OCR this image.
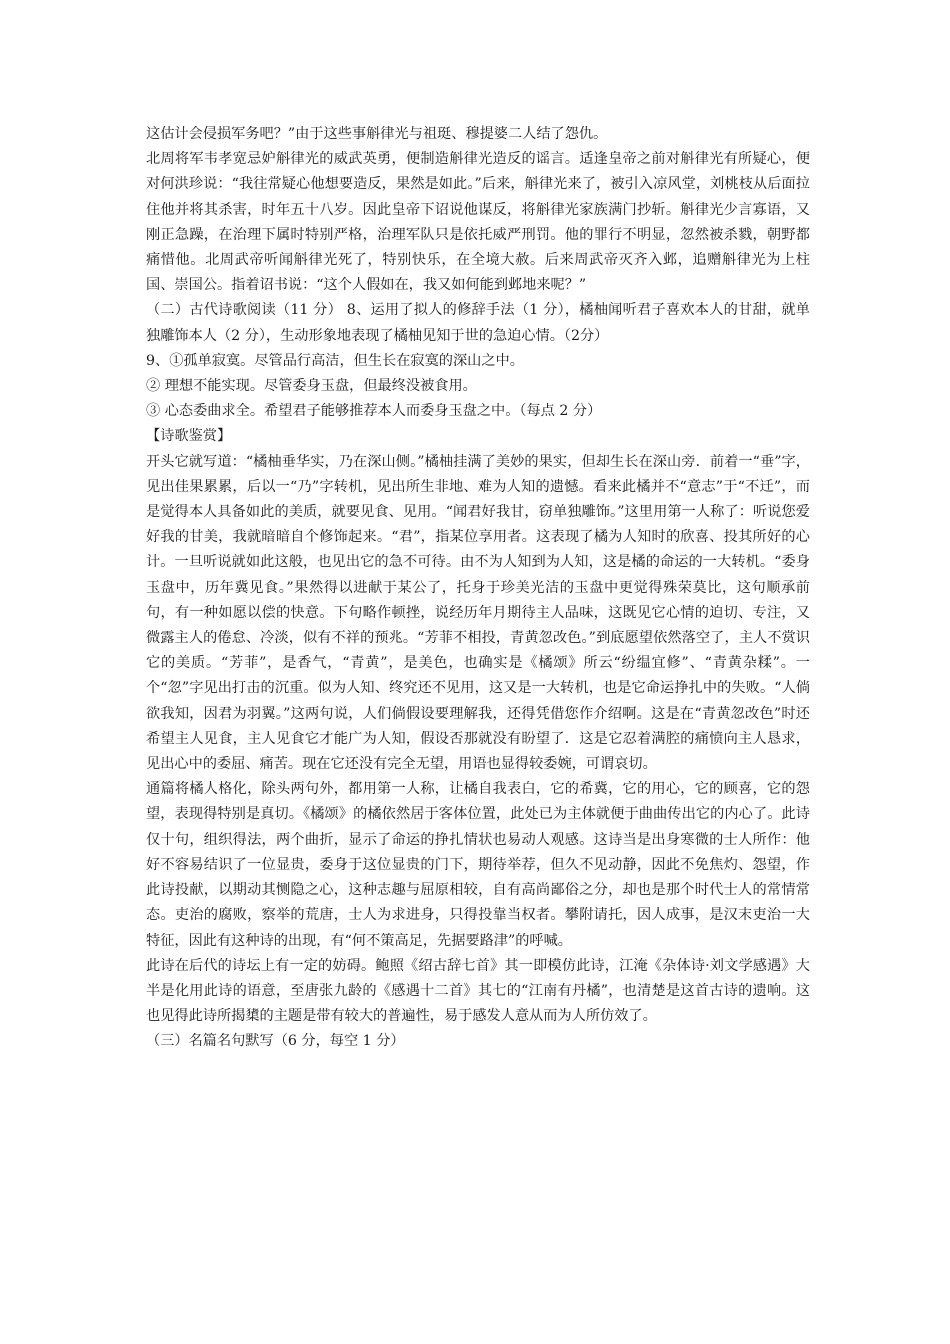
这估计会侵损军务吧？”由于这些事斛律光与祖珽、穆提婆二人结了怨仇。

北周将军韦孝宽忌妒斛律光的威武英勇，便制造斛律光造反的谣言。适逢皇帝之前对斛律光有所疑心，便对何洪珍说：“我往常疑心他想要造反，果然是如此。”后来，斛律光来了，被引入凉风堂，刘桃枝从后面拉住他并将其杀害，时年五十八岁。因此皇帝下诏说他谋反，将斛律光家族满门抄斩。斛律光少言寡语，又刚正急躁，在治理下属时特别严格，治理军队只是依托威严刑罚。他的罪行不明显，忽然被杀戮，朝野都痛惜他。北周武帝听闻斛律光死了，特别快乐，在全境大赦。后来周武帝灭齐入邺，追赠斛律光为上柱国、崇国公。指着诏书说：“这个人假如在，我又如何能到邺地来呢？”

（二）古代诗歌阅读（11 分） 8、运用了拟人的修辞手法（1 分），橘柚闻听君子喜欢本人的甘甜，就单独雕饰本人（2 分），生动形象地表现了橘柚见知于世的急迫心情。（2分）

9、①孤单寂寞。尽管品行高洁，但生长在寂寞的深山之中。

② 理想不能实现。尽管委身玉盘，但最终没被食用。

③ 心态委曲求全。希望君子能够推荐本人而委身玉盘之中。（每点 2 分）

【诗歌鉴赏】

开头它就写道：“橘柚垂华实，乃在深山侧。”橘柚挂满了美妙的果实，但却生长在深山旁．前着一“垂”字，见出佳果累累，后以一“乃”字转机，见出所生非地、难为人知的遗憾。看来此橘并不“意志”于“不迁”，而是觉得本人具备如此的美质，就要见食、见用。“闻君好我甘，窃单独雕饰。”这里用第一人称了：听说您爱好我的甘美，我就暗暗自个修饰起来。“君”，指某位享用者。这表现了橘为人知时的欣喜、投其所好的心计。一旦听说就如此这般，也见出它的急不可待。由不为人知到为人知，这是橘的命运的一大转机。“委身玉盘中，历年冀见食。”果然得以进献于某公了，托身于珍美光洁的玉盘中更觉得殊荣莫比，这句顺承前句，有一种如愿以偿的快意。下句略作顿挫，说经历年月期待主人品味，这既见它心情的迫切、专注，又微露主人的倦怠、冷淡，似有不祥的预兆。“芳菲不相投，青黄忽改色。”到底愿望依然落空了，主人不赏识它的美质。“芳菲”，是香气，“青黄”，是美色，也确实是《橘颂》所云“纷缊宜修”、“青黄杂糅”。一个“忽”字见出打击的沉重。似为人知、终究还不见用，这又是一大转机，也是它命运挣扎中的失败。“人倘欲我知，因君为羽翼。”这两句说，人们倘假设要理解我，还得凭借您作介绍啊。这是在“青黄忽改色”时还希望主人见食，主人见食它才能广为人知，假设否那就没有盼望了．这是它忍着满腔的痛愤向主人恳求，见出心中的委屈、痛苦。现在它还没有完全无望，用语也显得较委婉，可谓哀切。

通篇将橘人格化，除头两句外，都用第一人称，让橘自我表白，它的希冀，它的用心，它的顾喜，它的怨望，表现得特别是真切。《橘颂》的橘依然居于客体位置，此处已为主体就便于曲曲传出它的内心了。此诗仅十句，组织得法，两个曲折，显示了命运的挣扎情状也易动人观感。这诗当是出身寒微的士人所作：他好不容易结识了一位显贵，委身于这位显贵的门下，期待举荐，但久不见动静，因此不免焦灼、怨望，作此诗投献，以期动其恻隐之心，这种志趣与屈原相较，自有高尚鄙俗之分，却也是那个时代士人的常情常态。吏治的腐败，察举的荒唐，士人为求进身，只得投靠当权者。攀附请托，因人成事，是汉末吏治一大特征，因此有这种诗的出现，有“何不策高足，先据要路津”的呼喊。

此诗在后代的诗坛上有一定的妨碍。鲍照《绍古辞七首》其一即模仿此诗，江淹《杂体诗·刘文学感遇》大半是化用此诗的语意，至唐张九龄的《感遇十二首》其七的“江南有丹橘”，也清楚是这首古诗的遗响。这也见得此诗所揭橥的主题是带有较大的普遍性，易于感发人意从而为人所仿效了。

（三）名篇名句默写（6 分，每空 1 分）
